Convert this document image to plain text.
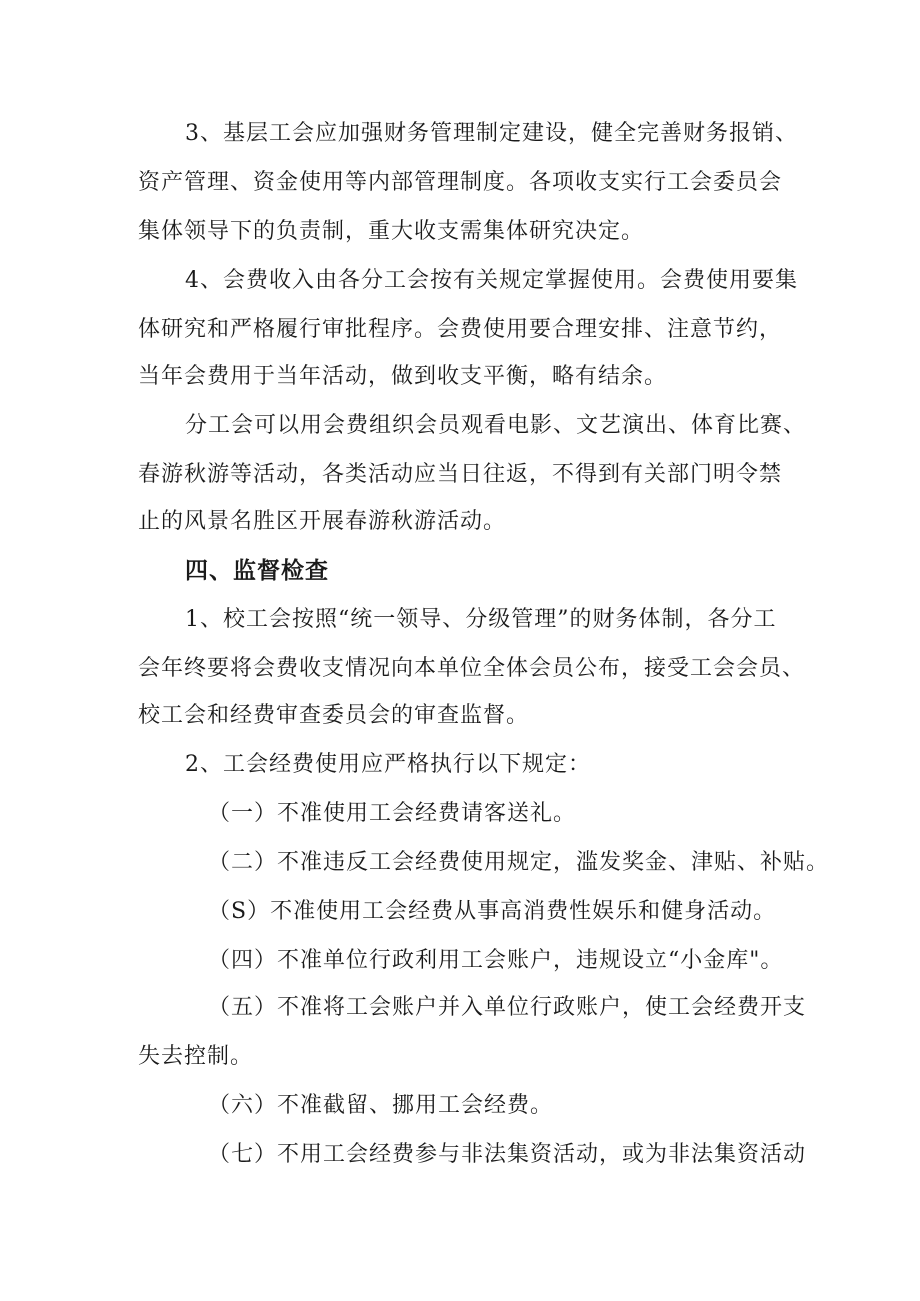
3、基层工会应加强财务管理制定建设，健全完善财务报销、
资产管理、资金使用等内部管理制度。各项收支实行工会委员会
集体领导下的负责制，重大收支需集体研究决定。
4、会费收入由各分工会按有关规定掌握使用。会费使用要集
体研究和严格履行审批程序。会费使用要合理安排、注意节约，
当年会费用于当年活动，做到收支平衡，略有结余。
分工会可以用会费组织会员观看电影、文艺演出、体育比赛、
春游秋游等活动，各类活动应当日往返，不得到有关部门明令禁
止的风景名胜区开展春游秋游活动。
四、监督检查
1、校工会按照“统一领导、分级管理”的财务体制，各分工
会年终要将会费收支情况向本单位全体会员公布，接受工会会员、
校工会和经费审查委员会的审查监督。
2、工会经费使用应严格执行以下规定：
（一）不准使用工会经费请客送礼。
（二）不准违反工会经费使用规定，滥发奖金、津贴、补贴。
（S）不准使用工会经费从事高消费性娱乐和健身活动。
（四）不准单位行政利用工会账户，违规设立“小金库"。
（五）不准将工会账户并入单位行政账户，使工会经费开支
失去控制。
（六）不准截留、挪用工会经费。
（七）不用工会经费参与非法集资活动，或为非法集资活动
